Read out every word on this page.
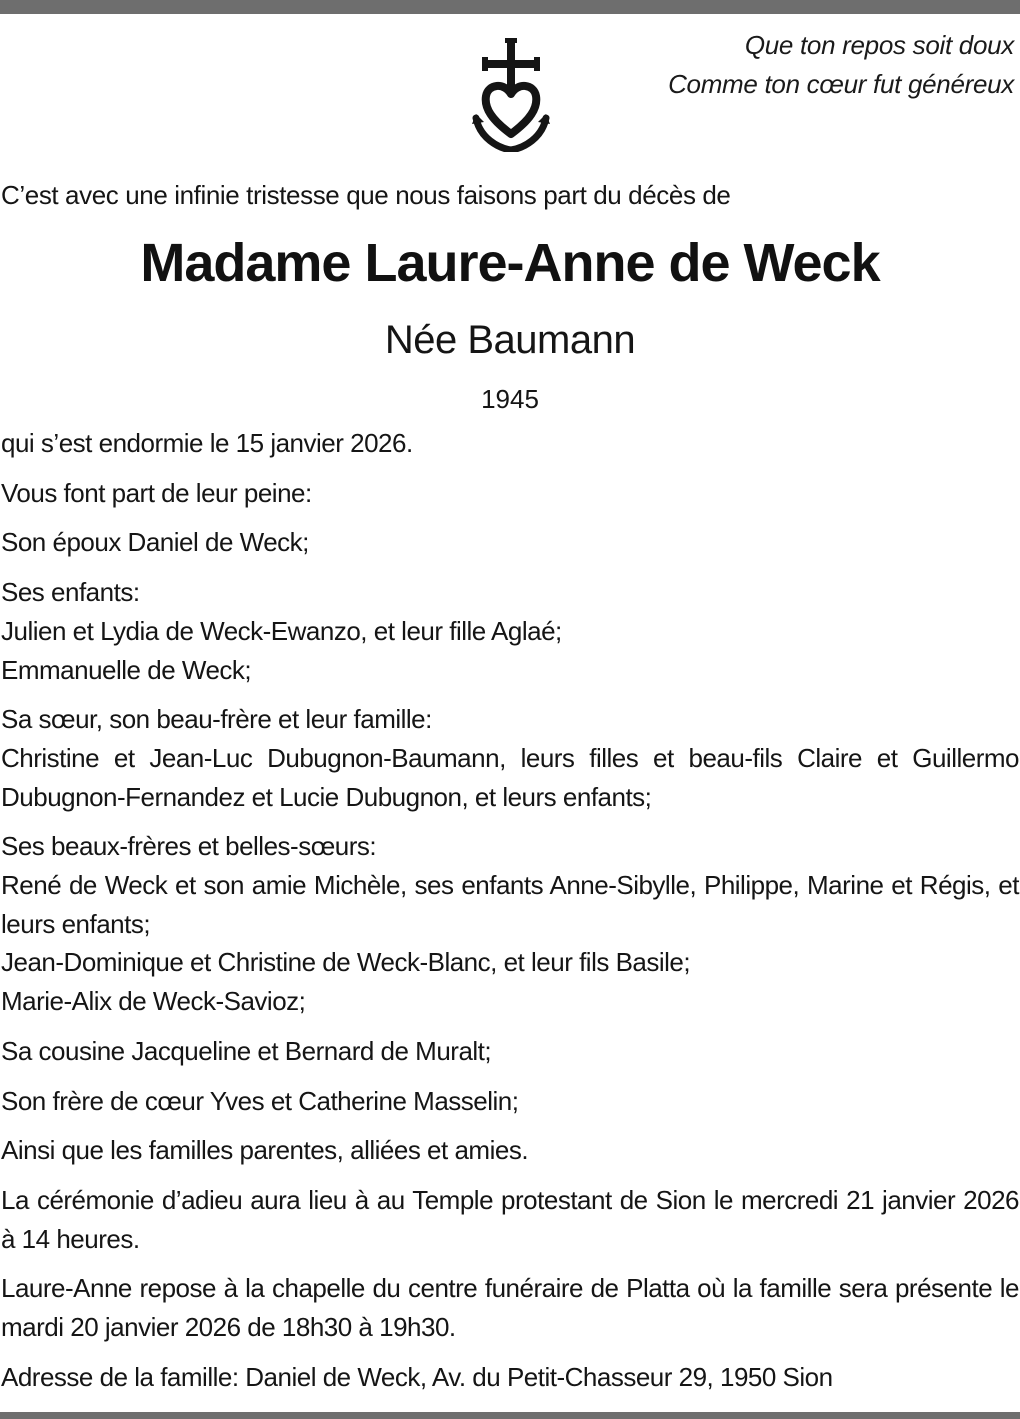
Que ton repos soit doux
Comme ton cœur fut généreux
C’est avec une infinie tristesse que nous faisons part du décès de
Madame Laure-Anne de Weck
Née Baumann
1945
qui s’est endormie le 15 janvier 2026.
Vous font part de leur peine:
Son époux Daniel de Weck;
Ses enfants:
Julien et Lydia de Weck-Ewanzo, et leur fille Aglaé;
Emmanuelle de Weck;
Sa sœur, son beau-frère et leur famille:
Christine et Jean-Luc Dubugnon-Baumann, leurs filles et beau-fils Claire et Guillermo Dubugnon-Fernandez et Lucie Dubugnon, et leurs enfants;
Ses beaux-frères et belles-sœurs:
René de Weck et son amie Michèle, ses enfants Anne-Sibylle, Philippe, Marine et Régis, et leurs enfants;
Jean-Dominique et Christine de Weck-Blanc, et leur fils Basile;
Marie-Alix de Weck-Savioz;
Sa cousine Jacqueline et Bernard de Muralt;
Son frère de cœur Yves et Catherine Masselin;
Ainsi que les familles parentes, alliées et amies.
La cérémonie d’adieu aura lieu à au Temple protestant de Sion le mercredi 21 janvier 2026 à 14 heures.
Laure-Anne repose à la chapelle du centre funéraire de Platta où la famille sera présente le mardi 20 janvier 2026 de 18h30 à 19h30.
Adresse de la famille: Daniel de Weck, Av. du Petit-Chasseur 29, 1950 Sion
